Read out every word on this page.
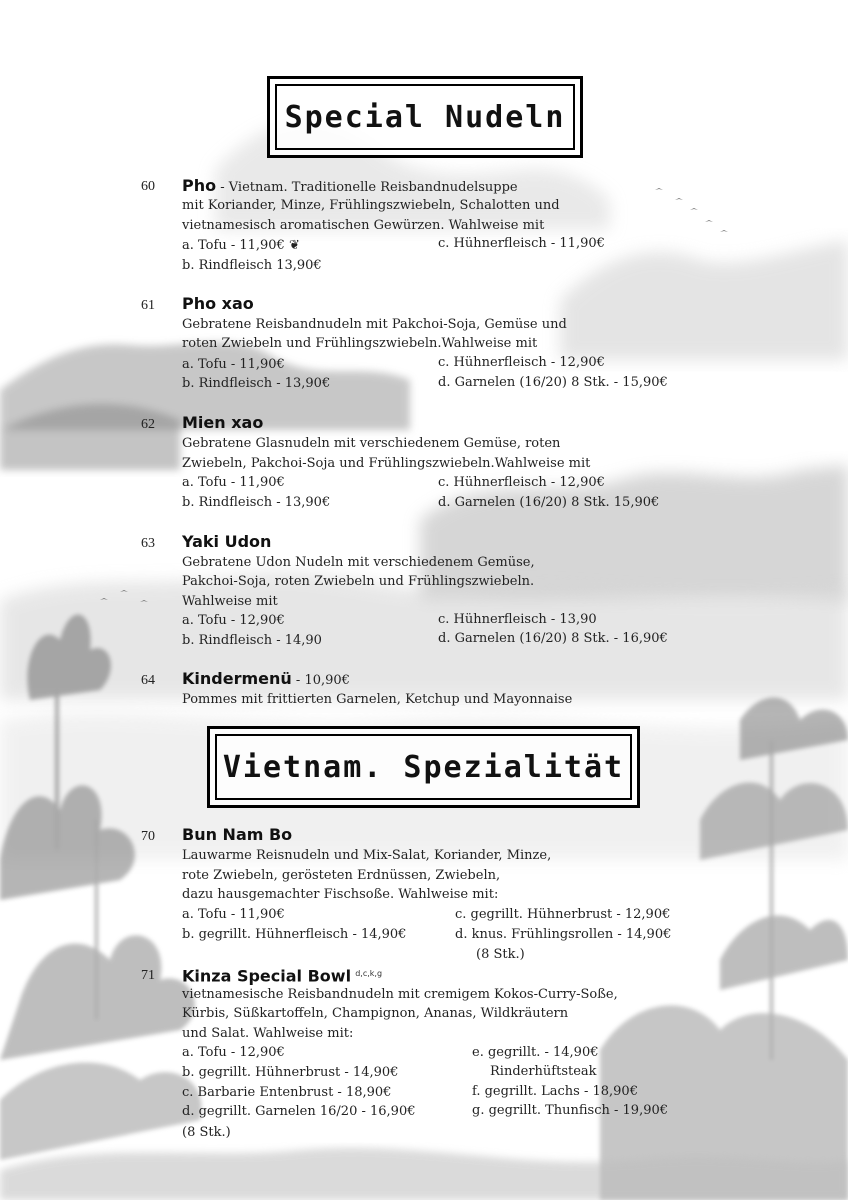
Special Nudeln
60 Pho - Vietnam. Traditionelle Reisbandnudelsuppe
mit Koriander, Minze, Frühlingszwiebeln, Schalotten und
vietnamesisch aromatischen Gewürzen. Wahlweise mit
a. Tofu - 11,90€ ❦
b. Rindfleisch 13,90€
c. Hühnerfleisch - 11,90€
61 Pho xao
Gebratene Reisbandnudeln mit Pakchoi-Soja, Gemüse und
roten Zwiebeln und Frühlingszwiebeln.Wahlweise mit
a. Tofu - 11,90€
b. Rindfleisch - 13,90€
c. Hühnerfleisch - 12,90€
d. Garnelen (16/20) 8 Stk. - 15,90€
62 Mien xao
Gebratene Glasnudeln mit verschiedenem Gemüse, roten
Zwiebeln, Pakchoi-Soja und Frühlingszwiebeln.Wahlweise mit
a. Tofu - 11,90€
b. Rindfleisch - 13,90€
c. Hühnerfleisch - 12,90€
d. Garnelen (16/20) 8 Stk. 15,90€
63 Yaki Udon
Gebratene Udon Nudeln mit verschiedenem Gemüse,
Pakchoi-Soja, roten Zwiebeln und Frühlingszwiebeln.
Wahlweise mit
a. Tofu - 12,90€
b. Rindfleisch - 14,90
c. Hühnerfleisch - 13,90
d. Garnelen (16/20) 8 Stk. - 16,90€
64 Kindermenü - 10,90€
Pommes mit frittierten Garnelen, Ketchup und Mayonnaise
Vietnam. Spezialität
70 Bun Nam Bo
Lauwarme Reisnudeln und Mix-Salat, Koriander, Minze,
rote Zwiebeln, gerösteten Erdnüssen, Zwiebeln,
dazu hausgemachter Fischsoße. Wahlweise mit:
a. Tofu - 11,90€
b. gegrillt. Hühnerfleisch - 14,90€
c. gegrillt. Hühnerbrust - 12,90€
d. knus. Frühlingsrollen - 14,90€
(8 Stk.)
71 Kinza Special Bowl $^{d,c,k,g}$
vietnamesische Reisbandnudeln mit cremigem Kokos-Curry-Soße,
Kürbis, Süßkartoffeln, Champignon, Ananas, Wildkräutern
und Salat. Wahlweise mit:
a. Tofu - 12,90€
b. gegrillt. Hühnerbrust - 14,90€
c. Barbarie Entenbrust - 18,90€
d. gegrillt. Garnelen 16/20 - 16,90€
(8 Stk.)
e. gegrillt. - 14,90€
Rinderhüftsteak
f. gegrillt. Lachs - 18,90€
g. gegrillt. Thunfisch - 19,90€
